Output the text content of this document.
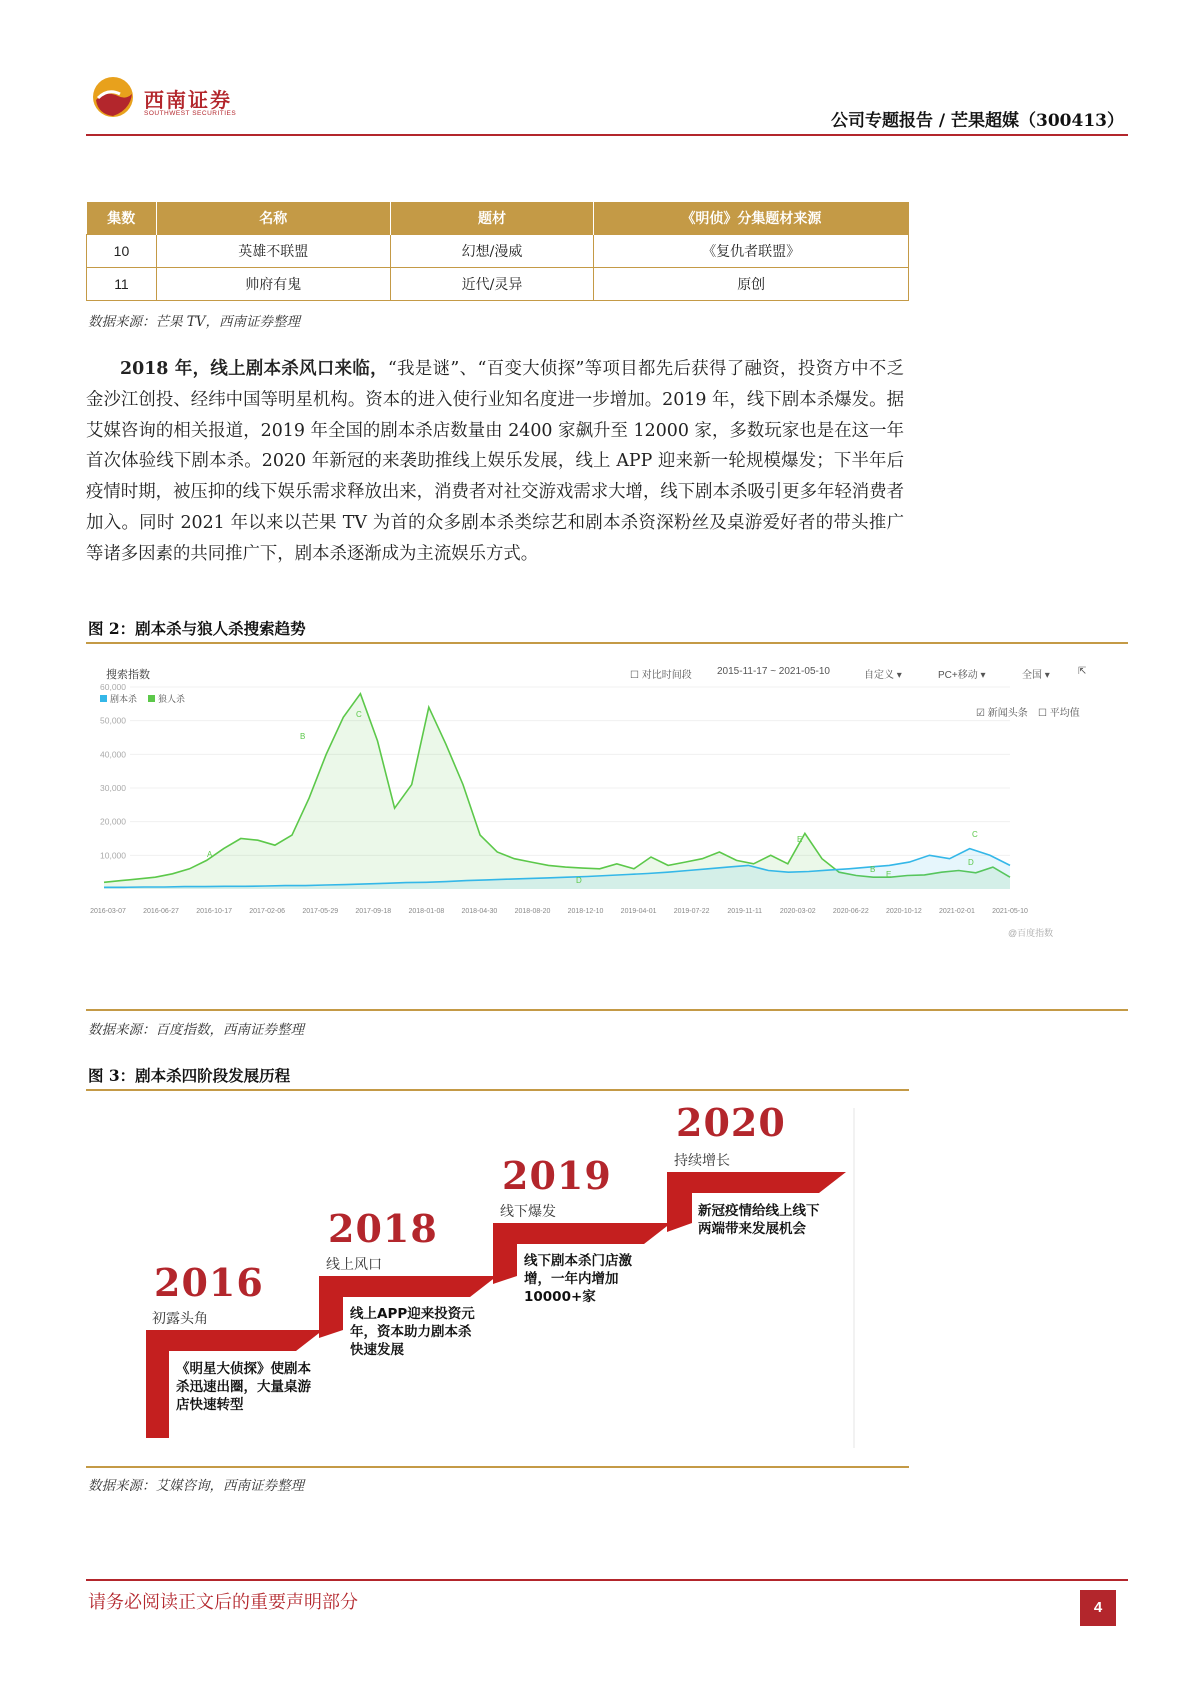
西南证券
SOUTHWEST SECURITIES	公司专题报告 / 芒果超媒（300413）
集数	名称	题材	《明侦》分集题材来源
10	英雄不联盟	幻想/漫威	《复仇者联盟》
11	帅府有鬼	近代/灵异	原创
数据来源：芒果 TV，西南证券整理
2018 年，线上剧本杀风口来临，“我是谜”、“百变大侦探”等项目都先后获得了融资，投资方中不乏金沙江创投、经纬中国等明星机构。资本的进入使行业知名度进一步增加。2019 年，线下剧本杀爆发。据艾媒咨询的相关报道，2019 年全国的剧本杀店数量由 2400 家飙升至 12000 家，多数玩家也是在这一年首次体验线下剧本杀。2020 年新冠的来袭助推线上娱乐发展，线上 APP 迎来新一轮规模爆发；下半年后疫情时期，被压抑的线下娱乐需求释放出来，消费者对社交游戏需求大增，线下剧本杀吸引更多年轻消费者加入。同时 2021 年以来以芒果 TV 为首的众多剧本杀类综艺和剧本杀资深粉丝及桌游爱好者的带头推广等诸多因素的共同推广下，剧本杀逐渐成为主流娱乐方式。
图 2：剧本杀与狼人杀搜索趋势
剧本杀 狼人杀
60,000
50,000
40,000
30,000
20,000
10,000
2016-03-07 2016-06-27 2016-10-17 2017-02-06 2017-05-29 2017-09-18 2018-01-08 2018-04-30 2018-08-20 2018-12-10 2019-04-01 2019-07-22	2019-11-11	2020-03-02 2020-06-22 2020-10-12 2021-02-01 2021-05-10
A
B
C
D
E
B
E
C
D
搜索指数	☐ 对比时间段	2015-11-17 ~ 2021-05-10	自定义 ▾	PC+移动 ▾	全国 ▾	⇱
☑ 新闻头条 ☐ 平均值
@百度指数
数据来源：百度指数，西南证券整理
图 3：剧本杀四阶段发展历程
2016
初露头角
《明星大侦探》使剧本杀迅速出圈，大量桌游店快速转型
2018
线上风口
线上APP迎来投资元年，资本助力剧本杀快速发展
2019
线下爆发
线下剧本杀门店激增，一年内增加10000+家
2020
持续增长
新冠疫情给线上线下两端带来发展机会
数据来源：艾媒咨询，西南证券整理
请务必阅读正文后的重要声明部分	4
